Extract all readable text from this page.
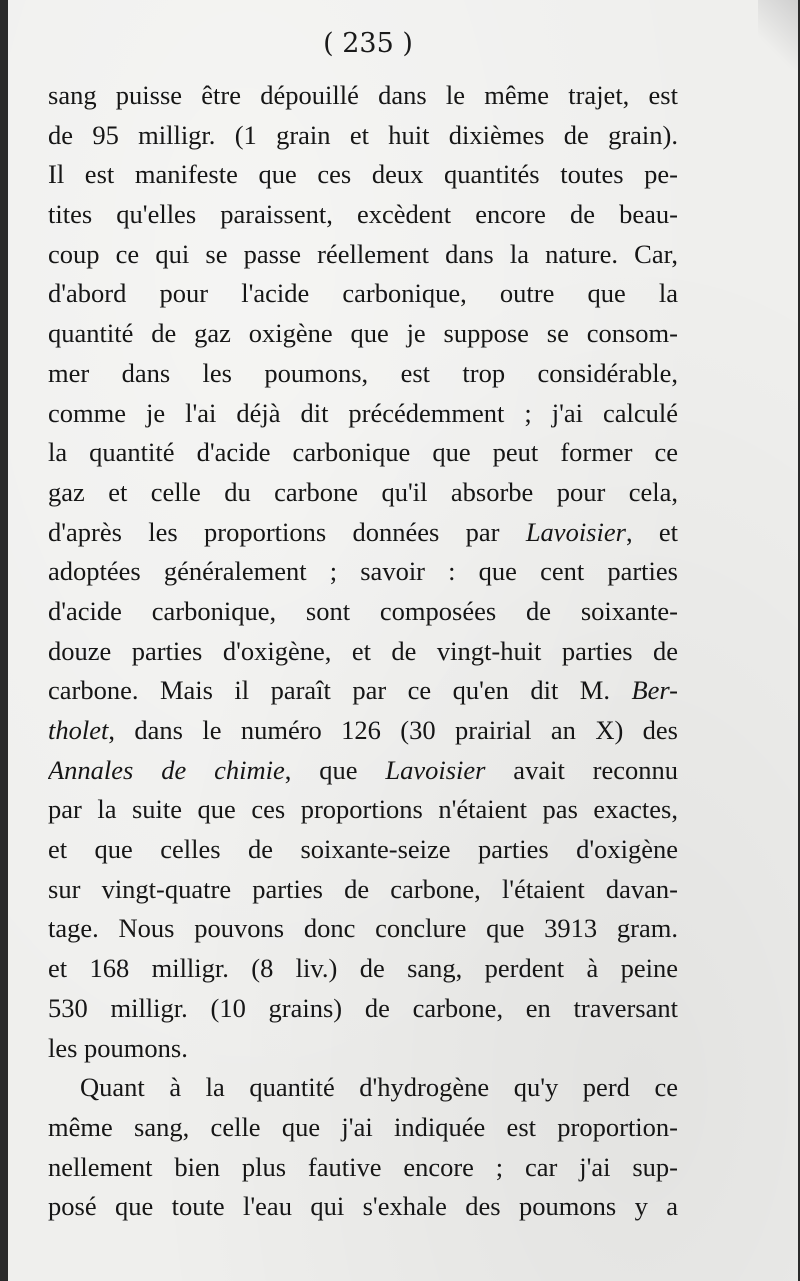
( 235 )
sang puisse être dépouillé dans le même trajet, est
de 95 milligr. (1 grain et huit dixièmes de grain).
Il est manifeste que ces deux quantités toutes pe-
tites qu'elles paraissent, excèdent encore de beau-
coup ce qui se passe réellement dans la nature. Car,
d'abord pour l'acide carbonique, outre que la
quantité de gaz oxigène que je suppose se consom-
mer dans les poumons, est trop considérable,
comme je l'ai déjà dit précédemment ; j'ai calculé
la quantité d'acide carbonique que peut former ce
gaz et celle du carbone qu'il absorbe pour cela,
d'après les proportions données par Lavoisier, et
adoptées généralement ; savoir : que cent parties
d'acide carbonique, sont composées de soixante-
douze parties d'oxigène, et de vingt-huit parties de
carbone. Mais il paraît par ce qu'en dit M. Ber-
tholet, dans le numéro 126 (30 prairial an X) des
Annales de chimie, que Lavoisier avait reconnu
par la suite que ces proportions n'étaient pas exactes,
et que celles de soixante-seize parties d'oxigène
sur vingt-quatre parties de carbone, l'étaient davan-
tage. Nous pouvons donc conclure que 3913 gram.
et 168 milligr. (8 liv.) de sang, perdent à peine
530 milligr. (10 grains) de carbone, en traversant
les poumons.
Quant à la quantité d'hydrogène qu'y perd ce
même sang, celle que j'ai indiquée est proportion-
nellement bien plus fautive encore ; car j'ai sup-
posé que toute l'eau qui s'exhale des poumons y a
